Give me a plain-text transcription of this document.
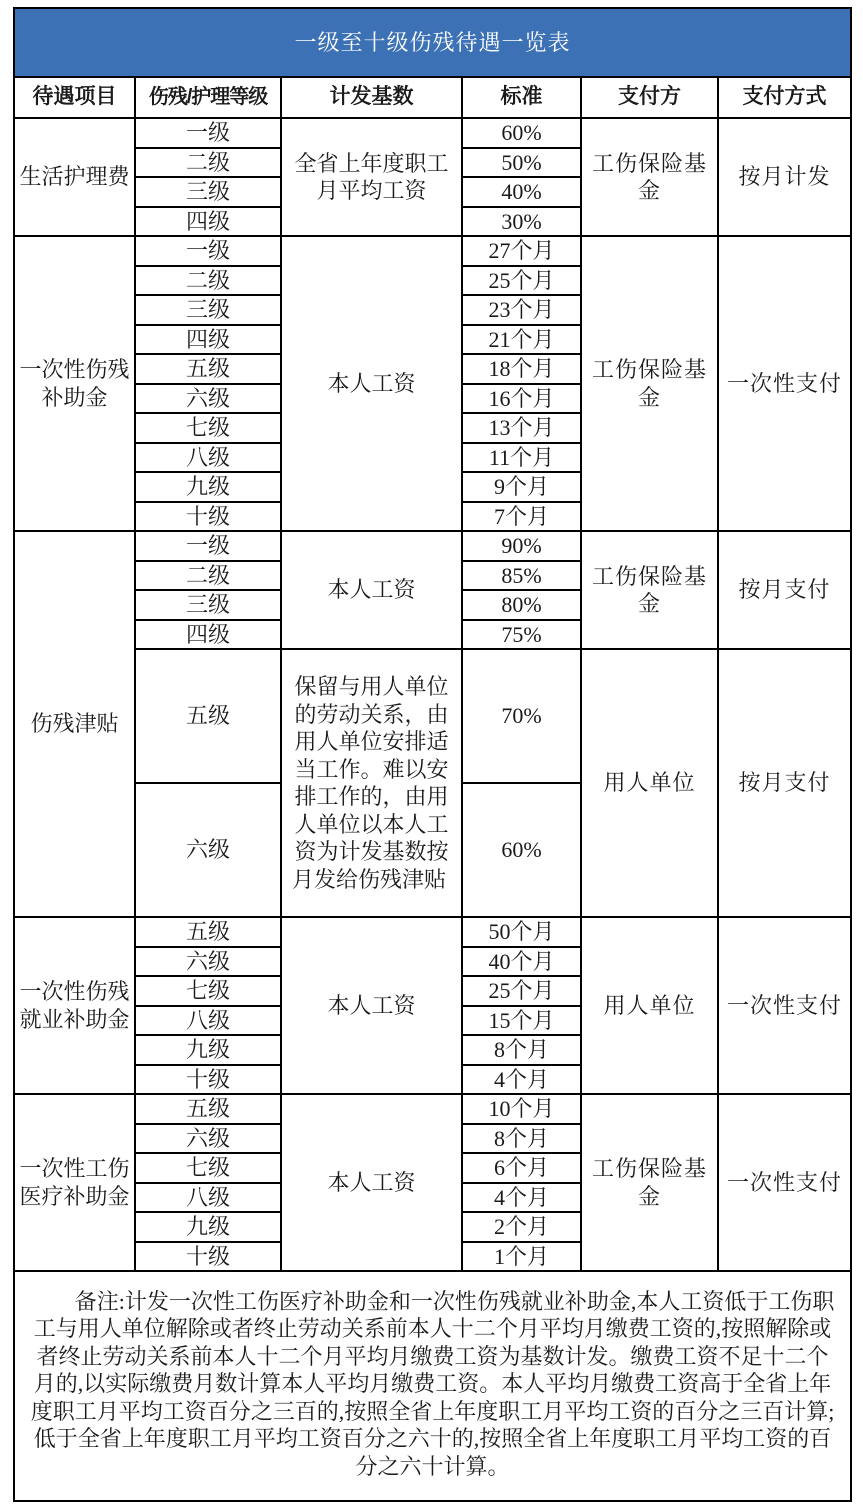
一级至十级伤残待遇一览表					
待遇项目	伤残/护理等级	计发基数	标准	支付方	支付方式
生活护理费	一级	全省上年度职工月平均工资	60%	工伤保险基金	按月计发
	二级		50%		
	三级		40%		
	四级		30%		
一次性伤残补助金	一级	本人工资	27个月	工伤保险基金	一次性支付
	二级		25个月		
	三级		23个月		
	四级		21个月		
	五级		18个月		
	六级		16个月		
	七级		13个月		
	八级		11个月		
	九级		9个月		
	十级		7个月		
伤残津贴	一级	本人工资	90%	工伤保险基金	按月支付
	二级		85%		
	三级		80%		
	四级		75%		
	五级	保留与用人单位的劳动关系，由用人单位安排适当工作。难以安排工作的，由用人单位以本人工资为计发基数按月发给伤残津贴	70%	用人单位	按月支付
	六级		60%		
一次性伤残就业补助金	五级	本人工资	50个月	用人单位	一次性支付
	六级		40个月		
	七级		25个月		
	八级		15个月		
	九级		8个月		
	十级		4个月		
一次性工伤医疗补助金	五级	本人工资	10个月	工伤保险基金	一次性支付
	六级		8个月		
	七级		6个月		
	八级		4个月		
	九级		2个月		
	十级		1个月		

备注:计发一次性工伤医疗补助金和一次性伤残就业补助金,本人工资低于工伤职工与用人单位解除或者终止劳动关系前本人十二个月平均月缴费工资的,按照解除或者终止劳动关系前本人十二个月平均月缴费工资为基数计发。缴费工资不足十二个月的,以实际缴费月数计算本人平均月缴费工资。本人平均月缴费工资高于全省上年度职工月平均工资百分之三百的,按照全省上年度职工月平均工资的百分之三百计算;低于全省上年度职工月平均工资百分之六十的,按照全省上年度职工月平均工资的百分之六十计算。					
